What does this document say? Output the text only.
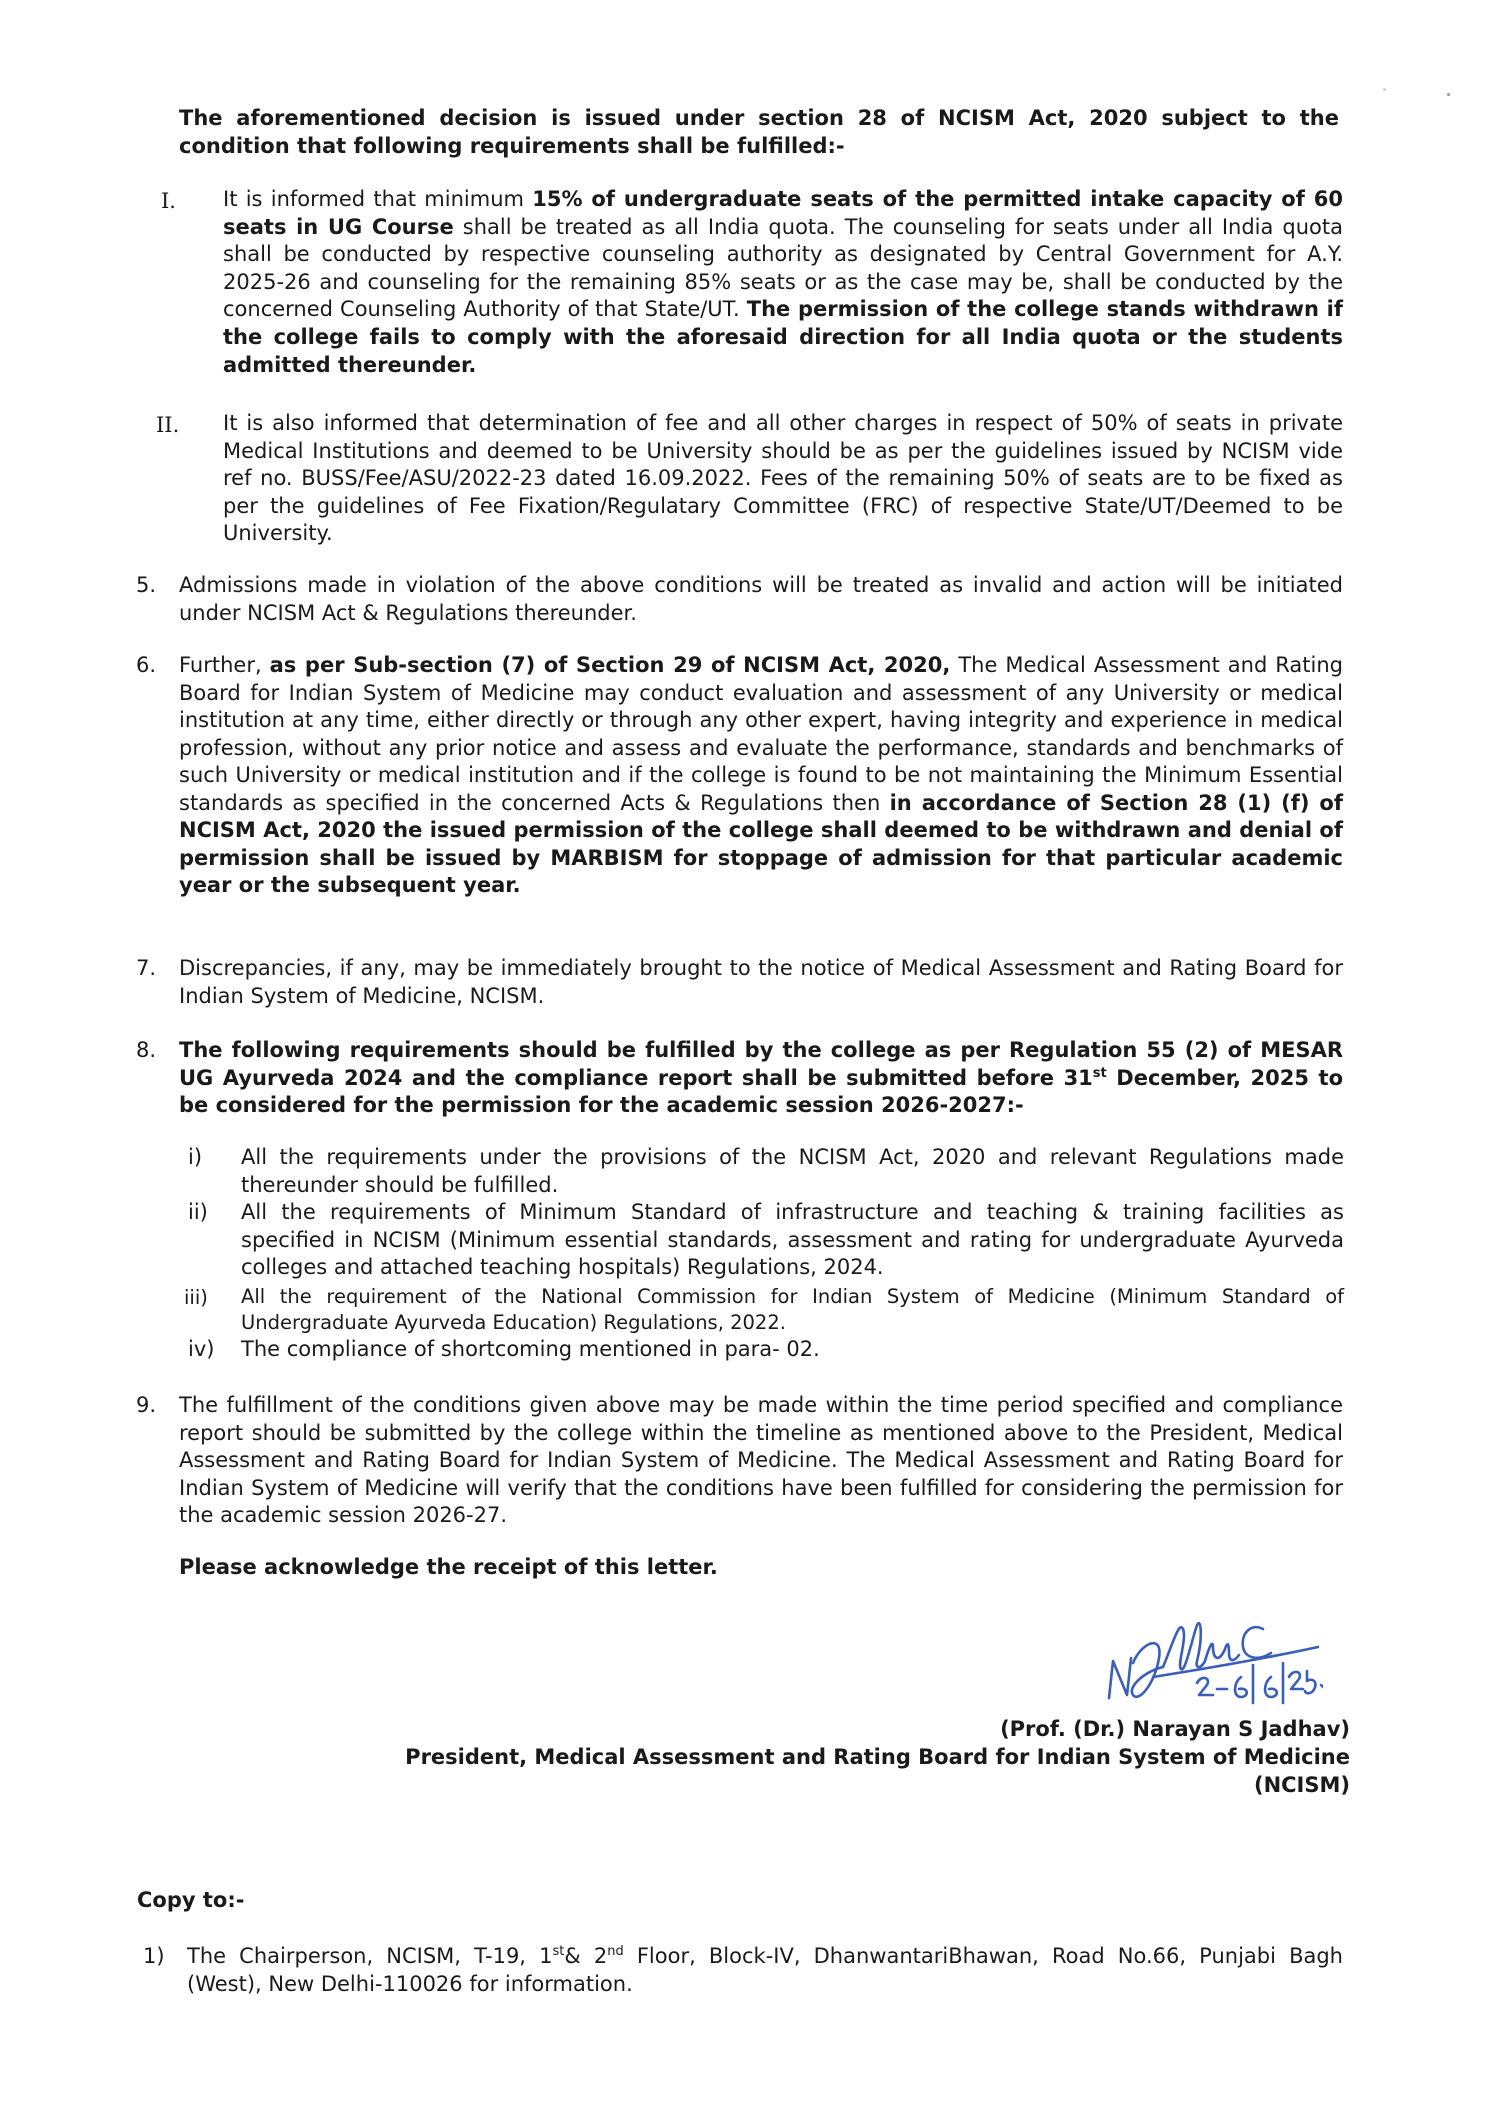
The aforementioned decision is issued under section 28 of NCISM Act, 2020 subject to the condition that following requirements shall be fulfilled:-

I. It is informed that minimum 15% of undergraduate seats of the permitted intake capacity of 60 seats in UG Course shall be treated as all India quota. The counseling for seats under all India quota shall be conducted by respective counseling authority as designated by Central Government for A.Y. 2025-26 and counseling for the remaining 85% seats or as the case may be, shall be conducted by the concerned Counseling Authority of that State/UT. The permission of the college stands withdrawn if the college fails to comply with the aforesaid direction for all India quota or the students admitted thereunder.

II. It is also informed that determination of fee and all other charges in respect of 50% of seats in private Medical Institutions and deemed to be University should be as per the guidelines issued by NCISM vide ref no. BUSS/Fee/ASU/2022-23 dated 16.09.2022. Fees of the remaining 50% of seats are to be fixed as per the guidelines of Fee Fixation/Regulatary Committee (FRC) of respective State/UT/Deemed to be University.

5. Admissions made in violation of the above conditions will be treated as invalid and action will be initiated under NCISM Act & Regulations thereunder.

6. Further, as per Sub-section (7) of Section 29 of NCISM Act, 2020, The Medical Assessment and Rating Board for Indian System of Medicine may conduct evaluation and assessment of any University or medical institution at any time, either directly or through any other expert, having integrity and experience in medical profession, without any prior notice and assess and evaluate the performance, standards and benchmarks of such University or medical institution and if the college is found to be not maintaining the Minimum Essential standards as specified in the concerned Acts & Regulations then in accordance of Section 28 (1) (f) of NCISM Act, 2020 the issued permission of the college shall deemed to be withdrawn and denial of permission shall be issued by MARBISM for stoppage of admission for that particular academic year or the subsequent year.

7. Discrepancies, if any, may be immediately brought to the notice of Medical Assessment and Rating Board for Indian System of Medicine, NCISM.

8. The following requirements should be fulfilled by the college as per Regulation 55 (2) of MESAR UG Ayurveda 2024 and the compliance report shall be submitted before 31st December, 2025 to be considered for the permission for the academic session 2026-2027:-

i) All the requirements under the provisions of the NCISM Act, 2020 and relevant Regulations made thereunder should be fulfilled.

ii) All the requirements of Minimum Standard of infrastructure and teaching & training facilities as specified in NCISM (Minimum essential standards, assessment and rating for undergraduate Ayurveda colleges and attached teaching hospitals) Regulations, 2024.

iii) All the requirement of the National Commission for Indian System of Medicine (Minimum Standard of Undergraduate Ayurveda Education) Regulations, 2022.

iv) The compliance of shortcoming mentioned in para- 02.

9. The fulfillment of the conditions given above may be made within the time period specified and compliance report should be submitted by the college within the timeline as mentioned above to the President, Medical Assessment and Rating Board for Indian System of Medicine. The Medical Assessment and Rating Board for Indian System of Medicine will verify that the conditions have been fulfilled for considering the permission for the academic session 2026-27.

Please acknowledge the receipt of this letter.

(Prof. (Dr.) Narayan S Jadhav)
President, Medical Assessment and Rating Board for Indian System of Medicine
(NCISM)

Copy to:-

1) The Chairperson, NCISM, T-19, 1st& 2nd Floor, Block-IV, DhanwantariBhawan, Road No.66, Punjabi Bagh (West), New Delhi-110026 for information.
